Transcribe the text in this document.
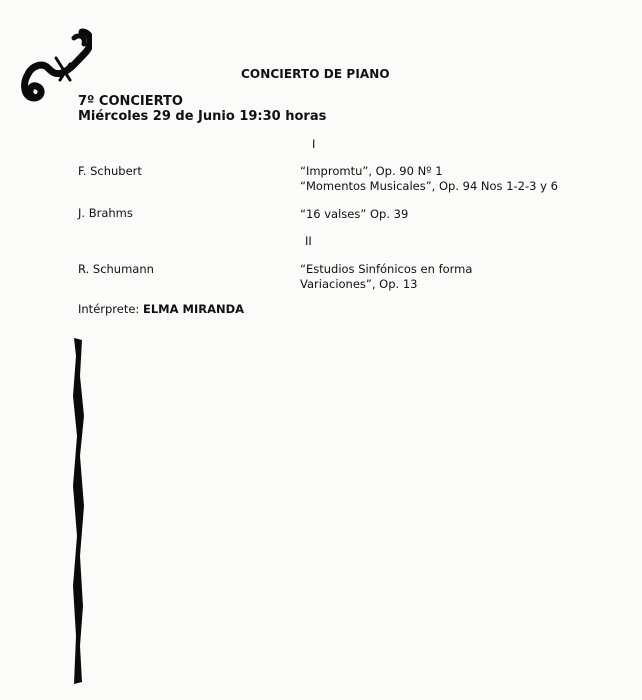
CONCIERTO DE PIANO
7º CONCIERTO
Miércoles 29 de Junio 19:30 horas
I
F. Schubert	“Impromtu”, Op. 90 Nº 1
“Momentos Musicales”, Op. 94 Nos 1-2-3 y 6
J. Brahms	“16 valses” Op. 39
II
R. Schumann	“Estudios Sinfónicos en forma
Variaciones”, Op. 13
Intérprete: ELMA MIRANDA
